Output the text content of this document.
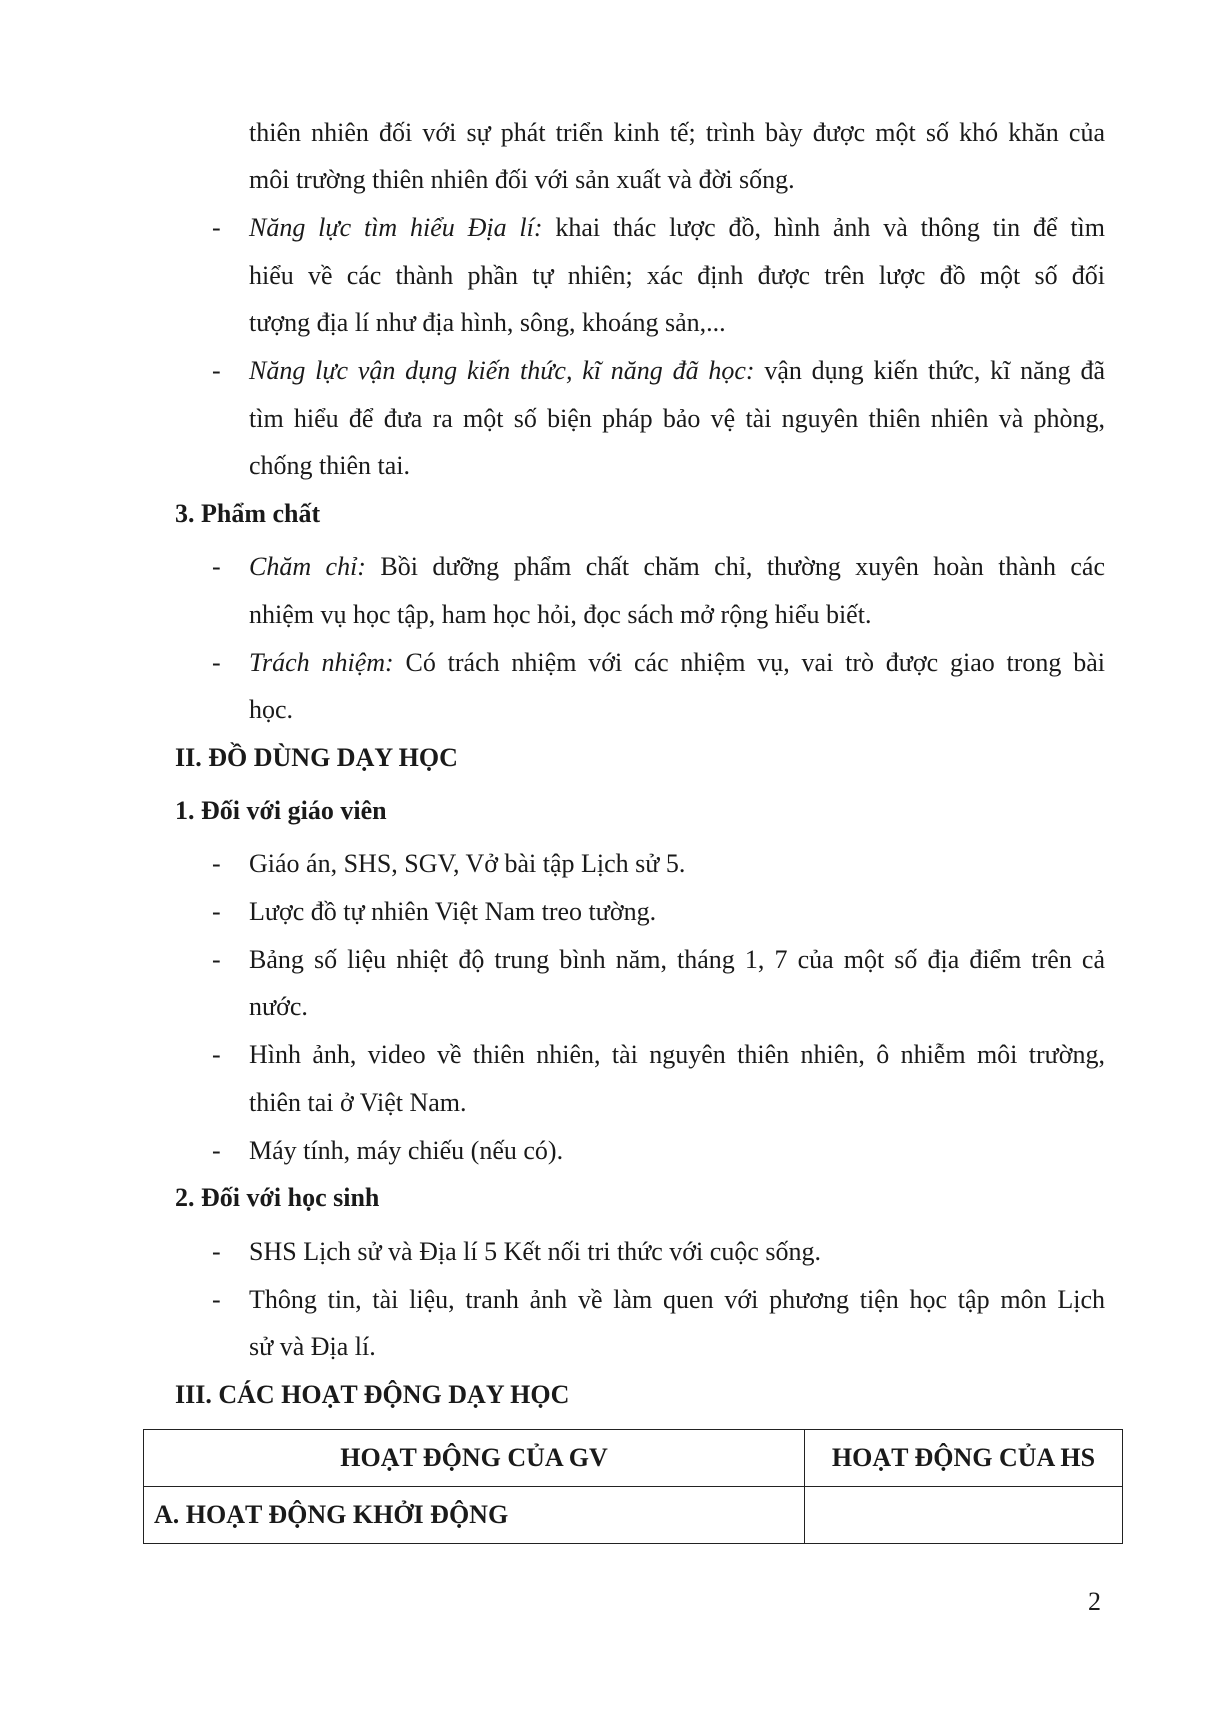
thiên nhiên đối với sự phát triển kinh tế; trình bày được một số khó khăn của
môi trường thiên nhiên đối với sản xuất và đời sống.
- Năng lực tìm hiểu Địa lí: khai thác lược đồ, hình ảnh và thông tin để tìm
hiểu về các thành phần tự nhiên; xác định được trên lược đồ một số đối
tượng địa lí như địa hình, sông, khoáng sản,...
- Năng lực vận dụng kiến thức, kĩ năng đã học: vận dụng kiến thức, kĩ năng đã
tìm hiểu để đưa ra một số biện pháp bảo vệ tài nguyên thiên nhiên và phòng,
chống thiên tai.
3. Phẩm chất
- Chăm chỉ: Bồi dưỡng phẩm chất chăm chỉ, thường xuyên hoàn thành các
nhiệm vụ học tập, ham học hỏi, đọc sách mở rộng hiểu biết.
- Trách nhiệm: Có trách nhiệm với các nhiệm vụ, vai trò được giao trong bài
học.
II. ĐỒ DÙNG DẠY HỌC
1. Đối với giáo viên
- Giáo án, SHS, SGV, Vở bài tập Lịch sử 5.
- Lược đồ tự nhiên Việt Nam treo tường.
- Bảng số liệu nhiệt độ trung bình năm, tháng 1, 7 của một số địa điểm trên cả
nước.
- Hình ảnh, video về thiên nhiên, tài nguyên thiên nhiên, ô nhiễm môi trường,
thiên tai ở Việt Nam.
- Máy tính, máy chiếu (nếu có).
2. Đối với học sinh
- SHS Lịch sử và Địa lí 5 Kết nối tri thức với cuộc sống.
- Thông tin, tài liệu, tranh ảnh về làm quen với phương tiện học tập môn Lịch
sử và Địa lí.
III. CÁC HOẠT ĐỘNG DẠY HỌC
HOẠT ĐỘNG CỦA GV	HOẠT ĐỘNG CỦA HS
A. HOẠT ĐỘNG KHỞI ĐỘNG	
2
